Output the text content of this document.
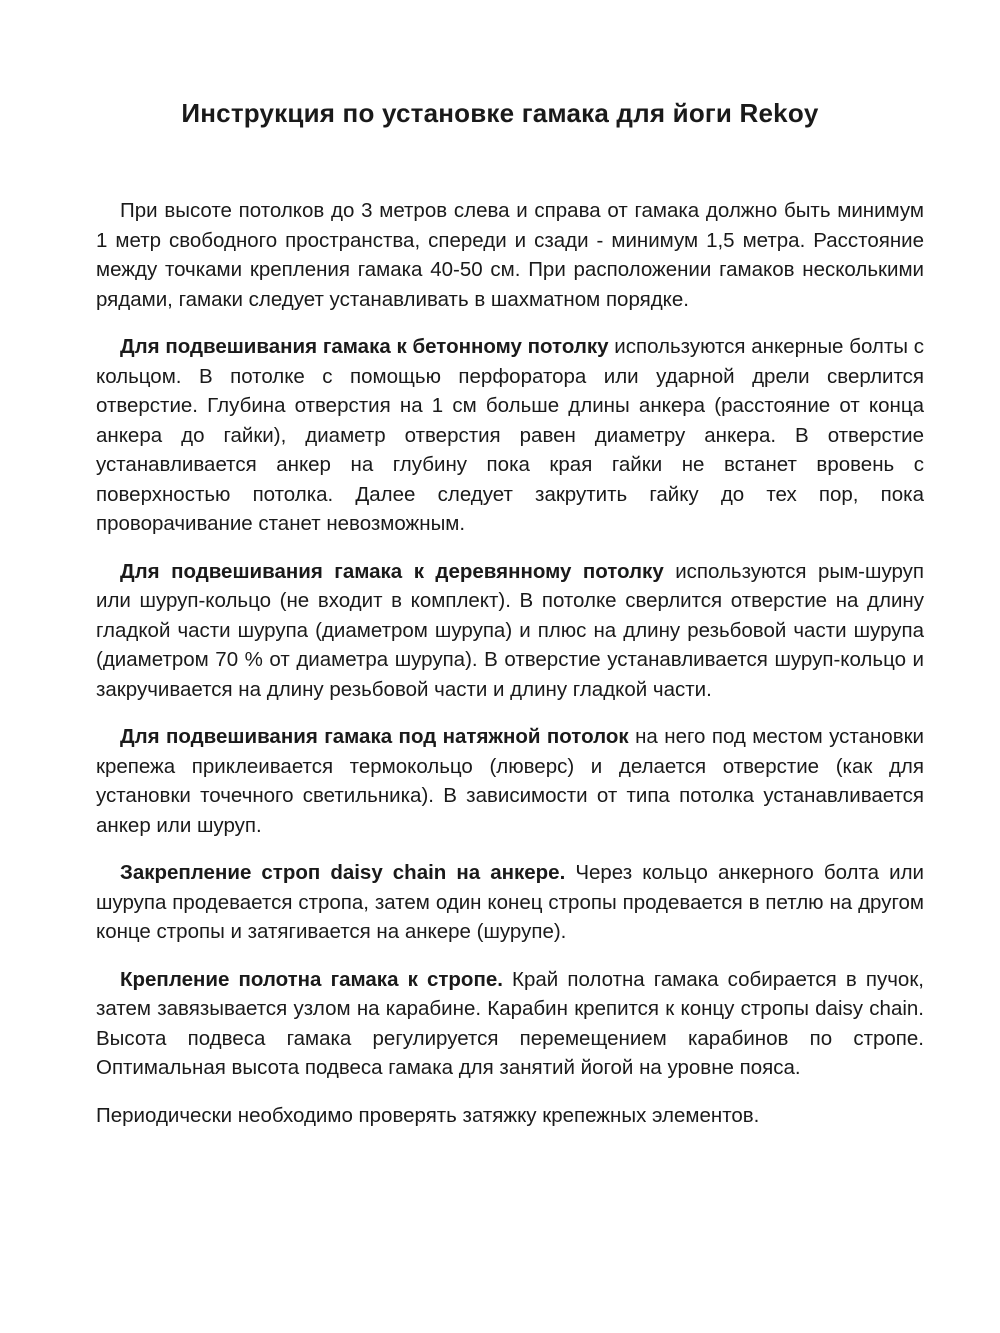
Инструкция по установке гамака для йоги Rekoy

При высоте потолков до 3 метров слева и справа от гамака должно быть минимум 1 метр свободного пространства, спереди и сзади - минимум 1,5 метра. Расстояние между точками крепления гамака 40-50 см. При расположении гамаков несколькими рядами, гамаки следует устанавливать в шахматном порядке.

Для подвешивания гамака к бетонному потолку используются анкерные болты с кольцом. В потолке с помощью перфоратора или ударной дрели сверлится отверстие. Глубина отверстия на 1 см больше длины анкера (расстояние от конца анкера до гайки), диаметр отверстия равен диаметру анкера. В отверстие устанавливается анкер на глубину пока края гайки не встанет вровень с поверхностью потолка. Далее следует закрутить гайку до тех пор, пока проворачивание станет невозможным.

Для подвешивания гамака к деревянному потолку используются рым-шуруп или шуруп-кольцо (не входит в комплект). В потолке сверлится отверстие на длину гладкой части шурупа (диаметром шурупа) и плюс на длину резьбовой части шурупа (диаметром 70 % от диаметра шурупа). В отверстие устанавливается шуруп-кольцо и закручивается на длину резьбовой части и длину гладкой части.

Для подвешивания гамака под натяжной потолок на него под местом установки крепежа приклеивается термокольцо (люверс) и делается отверстие (как для установки точечного светильника). В зависимости от типа потолка устанавливается анкер или шуруп.

Закрепление строп daisy chain на анкере. Через кольцо анкерного болта или шурупа продевается стропа, затем один конец стропы продевается в петлю на другом конце стропы и затягивается на анкере (шурупе).

Крепление полотна гамака к стропе. Край полотна гамака собирается в пучок, затем завязывается узлом на карабине. Карабин крепится к концу стропы daisy chain. Высота подвеса гамака регулируется перемещением карабинов по стропе. Оптимальная высота подвеса гамака для занятий йогой на уровне пояса.

Периодически необходимо проверять затяжку крепежных элементов.
